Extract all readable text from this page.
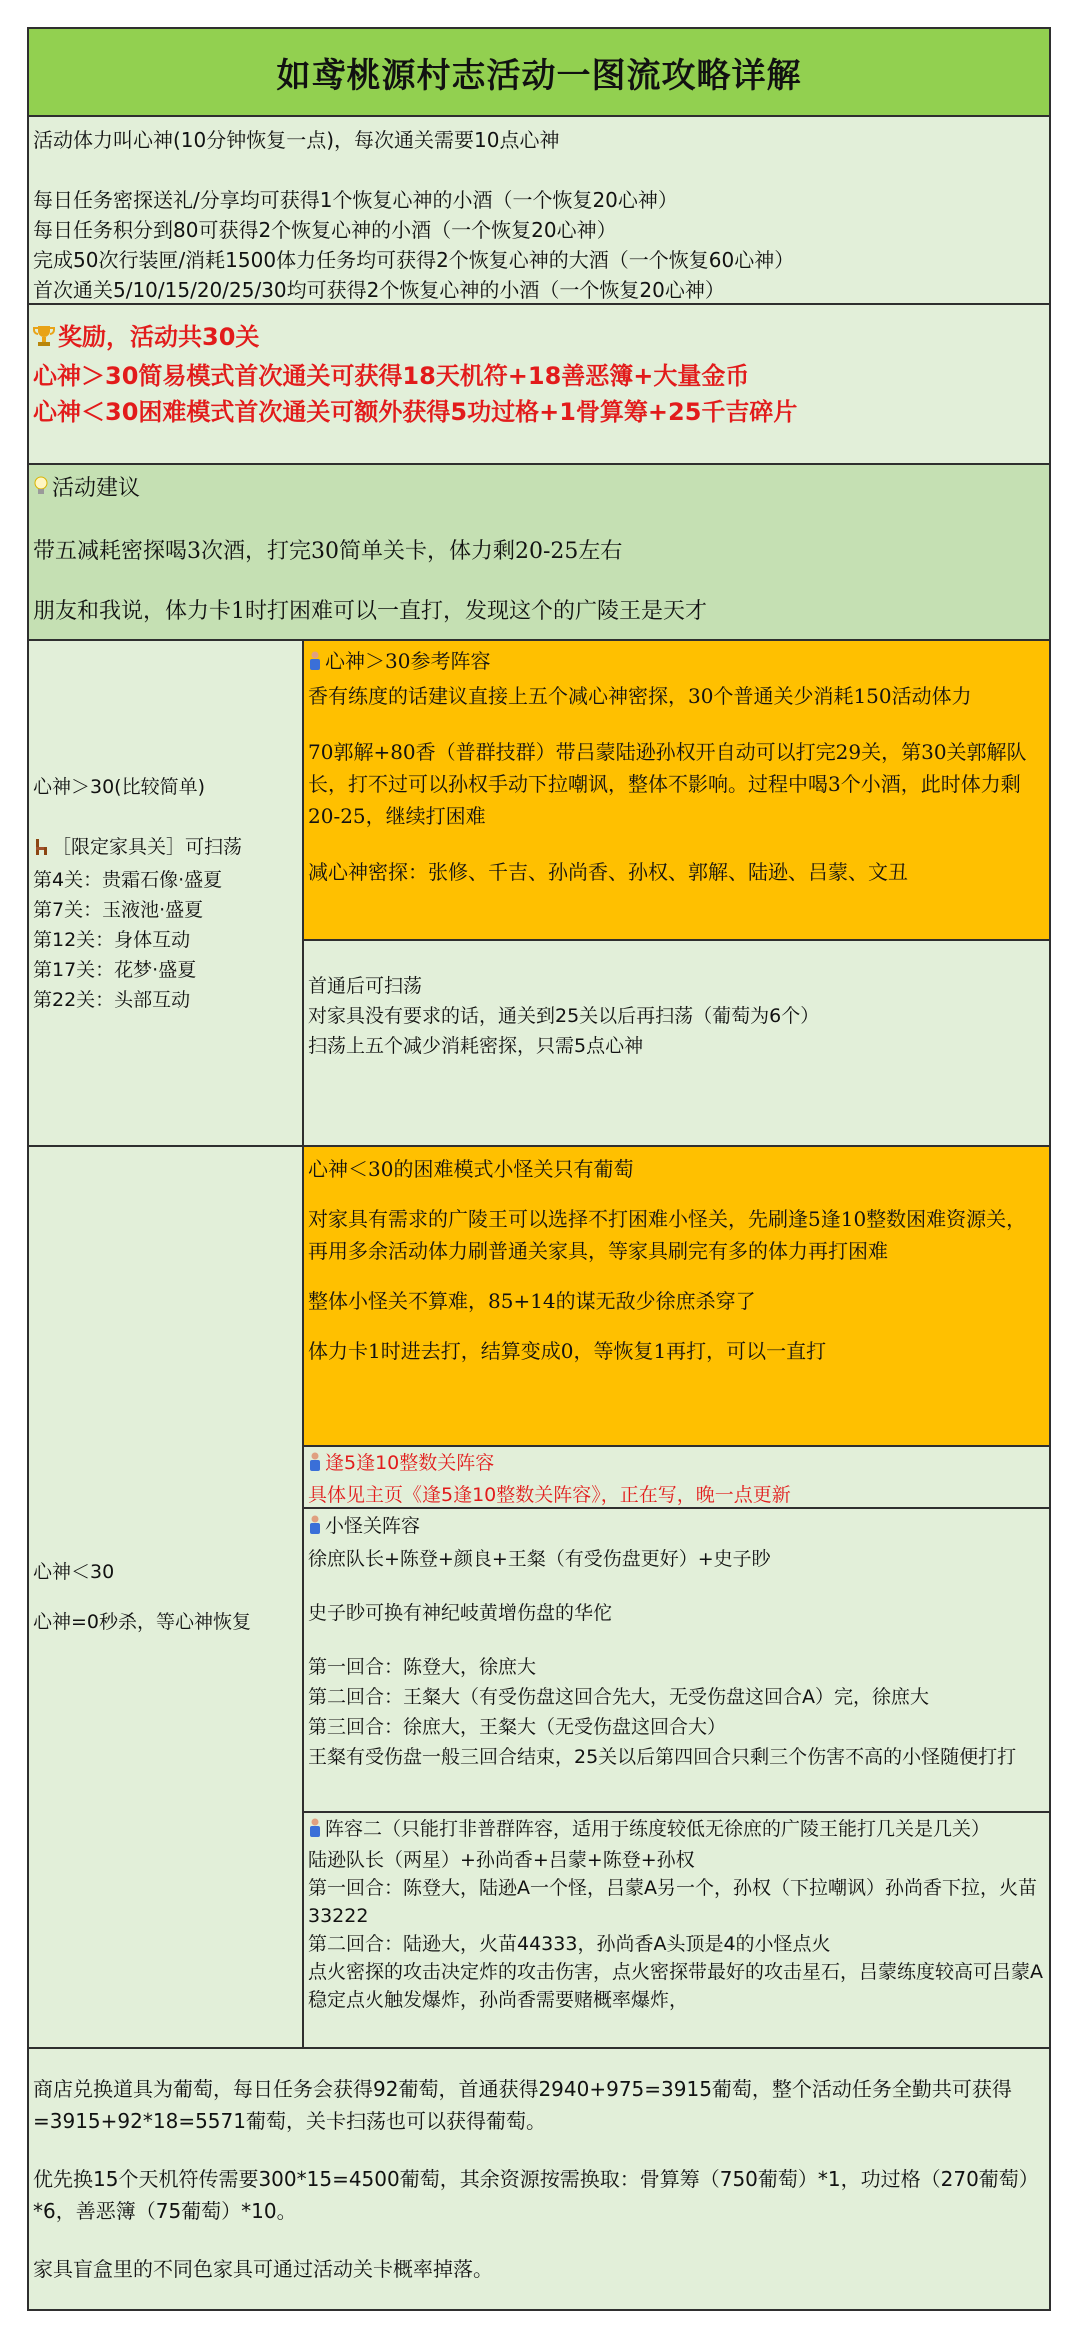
如鸢桃源村志活动一图流攻略详解

活动体力叫心神(10分钟恢复一点)，每次通关需要10点心神

每日任务密探送礼/分享均可获得1个恢复心神的小酒（一个恢复20心神）

每日任务积分到80可获得2个恢复心神的小酒（一个恢复20心神）

完成50次行装匣/消耗1500体力任务均可获得2个恢复心神的大酒（一个恢复60心神）

首次通关5/10/15/20/25/30均可获得2个恢复心神的小酒（一个恢复20心神）

奖励，活动共30关

心神＞30简易模式首次通关可获得18天机符+18善恶簿+大量金币

心神＜30困难模式首次通关可额外获得5功过格+1骨算筹+25千吉碎片

活动建议

带五减耗密探喝3次酒，打完30简单关卡，体力剩20-25左右

朋友和我说，体力卡1时打困难可以一直打，发现这个的广陵王是天才

心神＞30(比较简单)

［限定家具关］可扫荡

第4关：贵霜石像·盛夏

第7关：玉液池·盛夏

第12关：身体互动

第17关：花梦·盛夏

第22关：头部互动

心神＞30参考阵容

香有练度的话建议直接上五个减心神密探，30个普通关少消耗150活动体力

70郭解+80香（普群技群）带吕蒙陆逊孙权开自动可以打完29关，第30关郭解队长，打不过可以孙权手动下拉嘲讽，整体不影响。过程中喝3个小酒，此时体力剩20-25，继续打困难

减心神密探：张修、千吉、孙尚香、孙权、郭解、陆逊、吕蒙、文丑

首通后可扫荡

对家具没有要求的话，通关到25关以后再扫荡（葡萄为6个）

扫荡上五个减少消耗密探，只需5点心神

心神＜30

心神=0秒杀，等心神恢复

心神＜30的困难模式小怪关只有葡萄

对家具有需求的广陵王可以选择不打困难小怪关，先刷逢5逢10整数困难资源关，再用多余活动体力刷普通关家具，等家具刷完有多的体力再打困难

整体小怪关不算难，85+14的谋无敌少徐庶杀穿了

体力卡1时进去打，结算变成0，等恢复1再打，可以一直打

逢5逢10整数关阵容

具体见主页《逢5逢10整数关阵容》，正在写，晚一点更新

小怪关阵容

徐庶队长+陈登+颜良+王粲（有受伤盘更好）+史子眇

史子眇可换有神纪岐黄增伤盘的华佗

第一回合：陈登大，徐庶大

第二回合：王粲大（有受伤盘这回合先大，无受伤盘这回合A）完，徐庶大

第三回合：徐庶大，王粲大（无受伤盘这回合大）

王粲有受伤盘一般三回合结束，25关以后第四回合只剩三个伤害不高的小怪随便打打

阵容二（只能打非普群阵容，适用于练度较低无徐庶的广陵王能打几关是几关）

陆逊队长（两星）+孙尚香+吕蒙+陈登+孙权

第一回合：陈登大，陆逊A一个怪，吕蒙A另一个，孙权（下拉嘲讽）孙尚香下拉，火苗33222

第二回合：陆逊大，火苗44333，孙尚香A头顶是4的小怪点火

点火密探的攻击决定炸的攻击伤害，点火密探带最好的攻击星石，吕蒙练度较高可吕蒙A稳定点火触发爆炸，孙尚香需要赌概率爆炸，

商店兑换道具为葡萄，每日任务会获得92葡萄，首通获得2940+975=3915葡萄，整个活动任务全勤共可获得=3915+92*18=5571葡萄，关卡扫荡也可以获得葡萄。

优先换15个天机符传需要300*15=4500葡萄，其余资源按需换取：骨算筹（750葡萄）*1，功过格（270葡萄）*6，善恶簿（75葡萄）*10。

家具盲盒里的不同色家具可通过活动关卡概率掉落。
